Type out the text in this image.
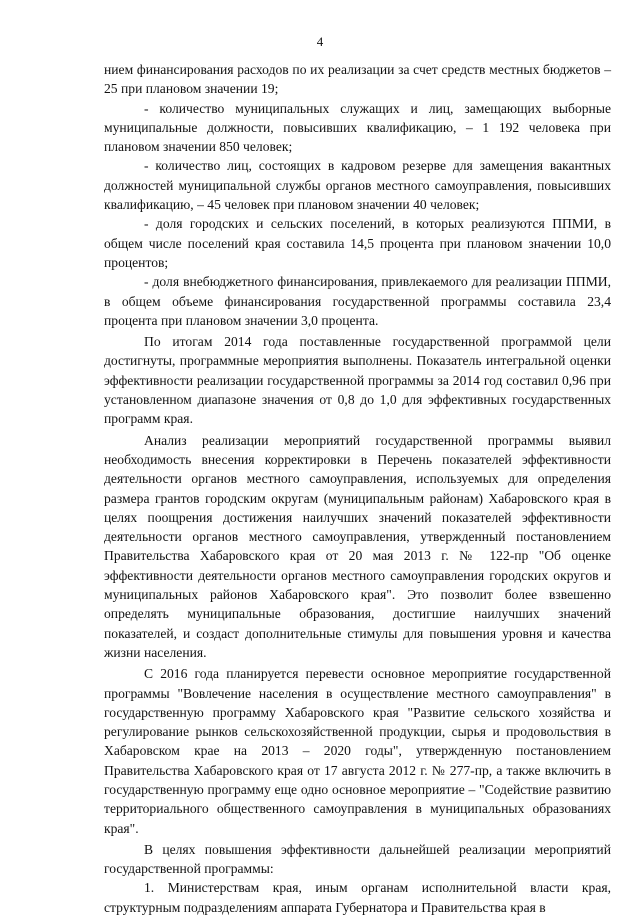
4

нием финансирования расходов по их реализации за счет средств местных бюджетов – 25 при плановом значении 19;

- количество муниципальных служащих и лиц, замещающих выборные муниципальные должности, повысивших квалификацию, – 1 192 человека при плановом значении 850 человек;

- количество лиц, состоящих в кадровом резерве для замещения вакантных должностей муниципальной службы органов местного самоуправления, повысивших квалификацию, – 45 человек при плановом значении 40 человек;

- доля городских и сельских поселений, в которых реализуются ППМИ, в общем числе поселений края составила 14,5 процента при плановом значении 10,0 процентов;

- доля внебюджетного финансирования, привлекаемого для реализации ППМИ, в общем объеме финансирования государственной программы составила 23,4 процента при плановом значении 3,0 процента.

По итогам 2014 года поставленные государственной программой цели достигнуты, программные мероприятия выполнены. Показатель интегральной оценки эффективности реализации государственной программы за 2014 год составил 0,96 при установленном диапазоне значения от 0,8 до 1,0 для эффективных государственных программ края.

Анализ реализации мероприятий государственной программы выявил необходимость внесения корректировки в Перечень показателей эффективности деятельности органов местного самоуправления, используемых для определения размера грантов городским округам (муниципальным районам) Хабаровского края в целях поощрения достижения наилучших значений показателей эффективности деятельности органов местного самоуправления, утвержденный постановлением Правительства Хабаровского края от 20 мая 2013 г. № 122-пр "Об оценке эффективности деятельности органов местного самоуправления городских округов и муниципальных районов Хабаровского края". Это позволит более взвешенно определять муниципальные образования, достигшие наилучших значений показателей, и создаст дополнительные стимулы для повышения уровня и качества жизни населения.

С 2016 года планируется перевести основное мероприятие государственной программы "Вовлечение населения в осуществление местного самоуправления" в государственную программу Хабаровского края "Развитие сельского хозяйства и регулирование рынков сельскохозяйственной продукции, сырья и продовольствия в Хабаровском крае на 2013 – 2020 годы", утвержденную постановлением Правительства Хабаровского края от 17 августа 2012 г. № 277-пр, а также включить в государственную программу еще одно основное мероприятие – "Содействие развитию территориального общественного самоуправления в муниципальных образованиях края".

В целях повышения эффективности дальнейшей реализации мероприятий государственной программы:

1. Министерствам края, иным органам исполнительной власти края, структурным подразделениям аппарата Губернатора и Правительства края в
